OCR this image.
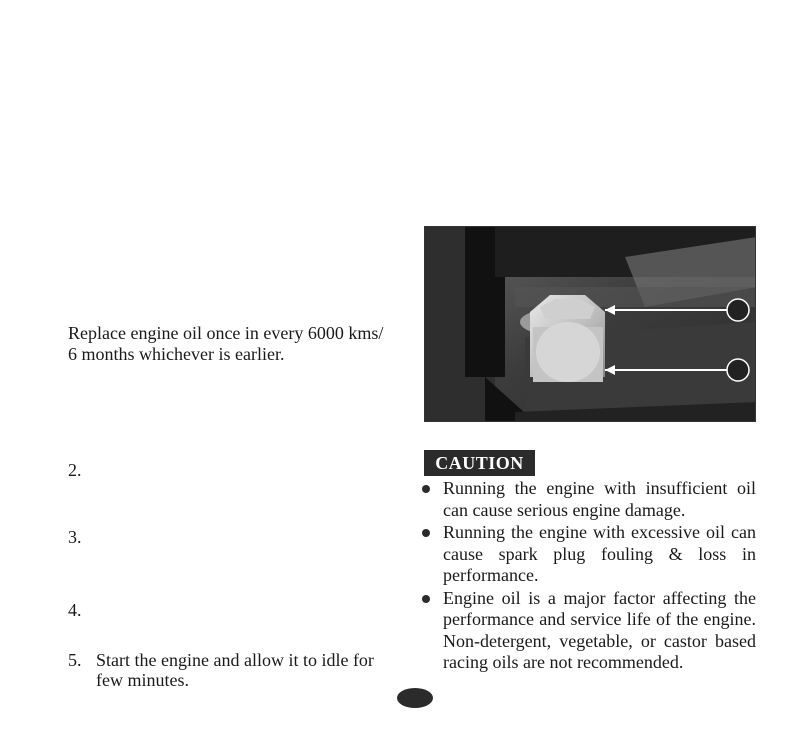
Replace engine oil once in every 6000 kms/
6 months whichever is earlier.
2.
3.
4.
5. Start the engine and allow it to idle for
few minutes.
CAUTION
Running the engine with insufficient oil can cause serious engine damage.
Running the engine with excessive oil can cause spark plug fouling & loss in performance.
Engine oil is a major factor affecting the performance and service life of the engine. Non-detergent, vegetable, or castor based racing oils are not recommended.
